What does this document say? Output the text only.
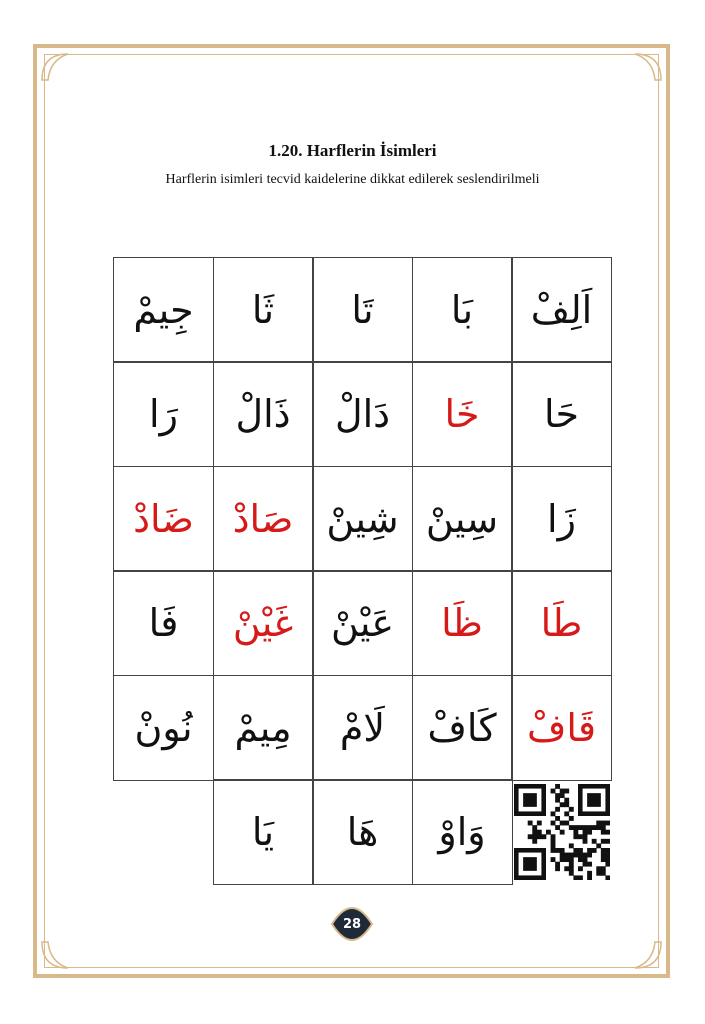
1.20. Harflerin İsimleri
Harflerin isimleri tecvid kaidelerine dikkat edilerek seslendirilmeli
اَلِفْ
بَا
تَا
ثَا
جِيمْ
حَا
خَا
دَالْ
ذَالْ
رَا
زَا
سِينْ
شِينْ
صَادْ
ضَادْ
طَا
ظَا
عَيْنْ
غَيْنْ
فَا
قَافْ
كَافْ
لَامْ
مِيمْ
نُونْ
وَاوْ
هَا
يَا
28
